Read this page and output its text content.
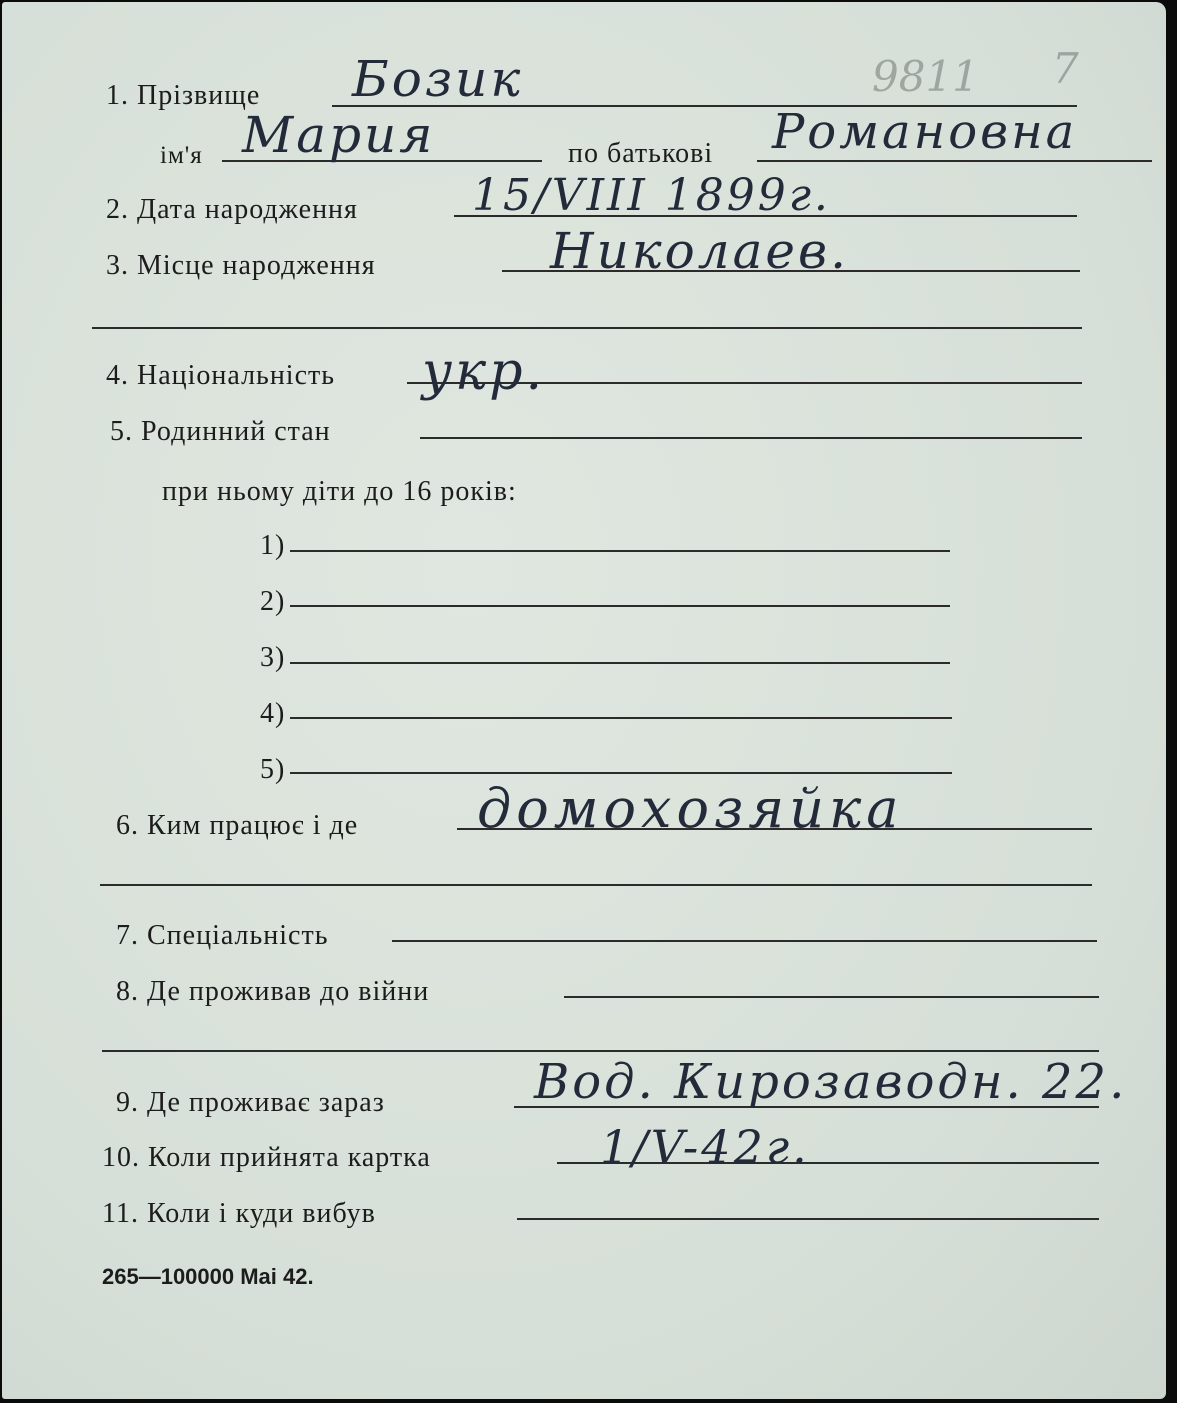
9811 7
1. Прізвище Бозик
ім'я Мария	по батькові Романовна
2. Дата народження	15/VIII 1899г.
3. Місце народження	Николаев.
4. Національність укр.
5. Родинний стан
при ньому діти до 16 років:
1)
2)
3)
4)
5)
6. Ким працює і де домохозяйка
7. Спеціальність
8. Де проживав до війни
9. Де проживає зараз	Вод. Кирозаводн. 22.
10. Коли прийнята картка	1/V-42г.
11. Коли і куди вибув
265—100000 Mai 42.
